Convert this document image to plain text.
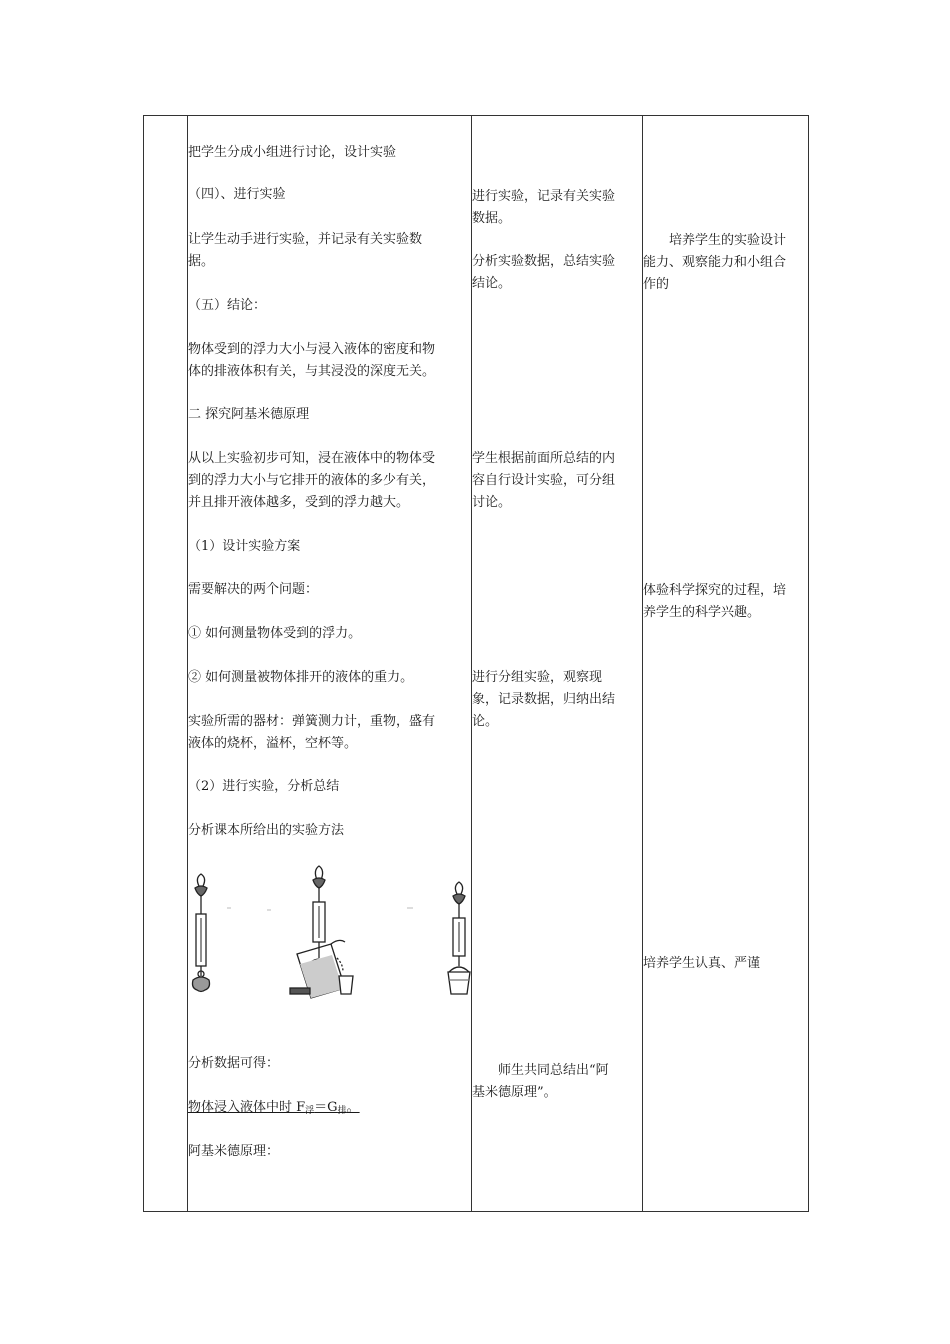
把学生分成小组进行讨论，设计实验
（四）、进行实验
让学生动手进行实验，并记录有关实验数
据。
（五）结论：
物体受到的浮力大小与浸入液体的密度和物
体的排液体积有关，与其浸没的深度无关。
二 探究阿基米德原理
从以上实验初步可知，浸在液体中的物体受
到的浮力大小与它排开的液体的多少有关，
并且排开液体越多，受到的浮力越大。
（1）设计实验方案
需要解决的两个问题：
① 如何测量物体受到的浮力。
② 如何测量被物体排开的液体的重力。
实验所需的器材：弹簧测力计，重物，盛有
液体的烧杯，溢杯，空杯等。
（2）进行实验，分析总结
分析课本所给出的实验方法
分析数据可得：
物体浸入液体中时 $F_浮=G_排$。
阿基米德原理：
进行实验，记录有关实验
数据。
分析实验数据，总结实验
结论。
学生根据前面所总结的内
容自行设计实验，可分组
讨论。
进行分组实验，观察现
象，记录数据，归纳出结
论。
　　师生共同总结出“阿
基米德原理”。
　　培养学生的实验设计
能力、观察能力和小组合
作的
体验科学探究的过程，培
养学生的科学兴趣。
培养学生认真、严谨
